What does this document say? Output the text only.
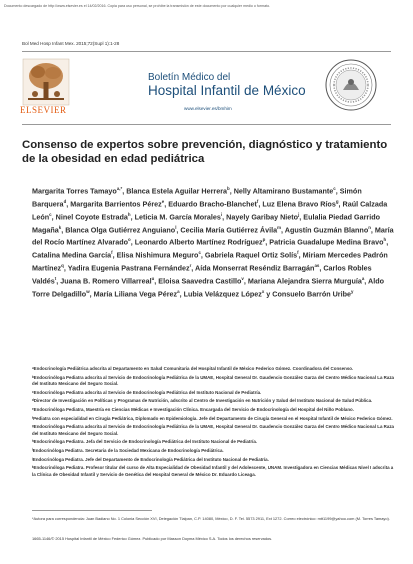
Documento descargado de http://www.elsevier.es el 14/02/2016. Copia para uso personal, se prohíbe la transmisión de este documento por cualquier medio o formato.
Bol Med Hosp Infant Mex. 2015;72(Supl 1):1-28
ELSEVIER
Boletín Médico del
Hospital Infantil de México
www.elsevier.es/bmhim
Consenso de expertos sobre prevención, diagnóstico y tratamiento de la obesidad en edad pediátrica
Margarita Torres Tamayo$^{a,*}$, Blanca Estela Aguilar Herrera$^b$, Nelly Altamirano Bustamante$^c$, Simón Barquera$^d$, Margarita Barrientos Pérez$^e$, Eduardo Bracho-Blanchet$^f$, Luz Elena Bravo Ríos$^g$, Raúl Calzada León$^c$, Ninel Coyote Estrada$^h$, Leticia M. García Morales$^i$, Nayely Garibay Nieto$^j$, Eulalia Piedad Garrido Magaña$^k$, Blanca Olga Gutiérrez Anguiano$^l$, Cecilia María Gutiérrez Ávila$^m$, Agustín Guzmán Blanno$^n$, María del Rocío Martínez Alvarado$^o$, Leonardo Alberto Martínez Rodríguez$^p$, Patricia Guadalupe Medina Bravo$^h$, Catalina Medina García$^f$, Elisa Nishimura Meguro$^c$, Gabriela Raquel Ortiz Solís$^f$, Miriam Mercedes Padrón Martínez$^q$, Yadira Eugenia Pastrana Fernández$^r$, Aída Monserrat Reséndiz Barragán$^{as}$, Carlos Robles Valdés$^t$, Juana B. Romero Villarreal$^u$, Eloisa Saavedra Castillo$^v$, Mariana Alejandra Sierra Murguía$^a$, Aldo Torre Delgadillo$^w$, María Liliana Vega Pérez$^a$, Lubia Velázquez López$^x$ y Consuelo Barrón Uribe$^y$
ᵃEndocrinología Pediátrica adscrita al Departamento en Salud Comunitaria del Hospital Infantil de México Federico Gómez. Coordinadora del Consenso.
ᵇEndocrinóloga Pediatra adscrita al Servicio de Endocrinología Pediátrica de la UMAE, Hospital General Dr. Gaudencio González Garza del Centro Médico Nacional La Raza del Instituto Mexicano del Seguro Social.
ᶜEndocrinóloga Pediatra adscrita al Servicio de Endocrinología Pediátrica del Instituto Nacional de Pediatría.
ᵈDirector de Investigación en Políticas y Programas de Nutrición, adscrito al Centro de Investigación en Nutrición y Salud del Instituto Nacional de Salud Pública.
ᵉEndocrinóloga Pediatra, Maestría en Ciencias Médicas e Investigación Clínica. Encargada del Servicio de Endocrinología del Hospital del Niño Poblano.
ᶠPediatra con especialidad en Cirugía Pediátrica, Diplomado en Epidemiología. Jefe del Departamento de Cirugía General en el Hospital Infantil de México Federico Gómez.
ᵍEndocrinóloga Pediatra adscrita al Servicio de Endocrinología Pediátrica de la UMAE, Hospital General Dr. Gaudencio González Garza del Centro Médico Nacional La Raza del Instituto Mexicano del Seguro Social.
ʰEndocrinóloga Pediatra. Jefa del Servicio de Endocrinología Pediátrica del Instituto Nacional de Pediatría.
ⁱEndocrinóloga Pediatra. Secretaria de la Sociedad Mexicana de Endocrinología Pediátrica.
ʲEndocrinóloga Pediatra. Jefe del Departamento de Endocrinología Pediátrica del Instituto Nacional de Pediatría.
ᵏEndocrinóloga Pediatra. Profesor titular del curso de Alta Especialidad de Obesidad Infantil y del Adolescente, UNAM. Investigadora en Ciencias Médicas Nivel I adscrita a la Clínica de Obesidad Infantil y Servicio de Genética del Hospital General de México Dr. Eduardo Liceaga.
*Autora para correspondencia: Juan Badiano No. 1 Colonia Sección XVI, Delegación Tlalpan, C.P. 14080, México, D. F. Tel. 5573 2911, Ext 1272. Correo electrónico: mtt1199@yahoo.com (M. Torres Tamayo).
1665-1146/© 2015 Hospital Infantil de México Federico Gómez. Publicado por Masson Doyma México S.A. Todos los derechos reservados.
